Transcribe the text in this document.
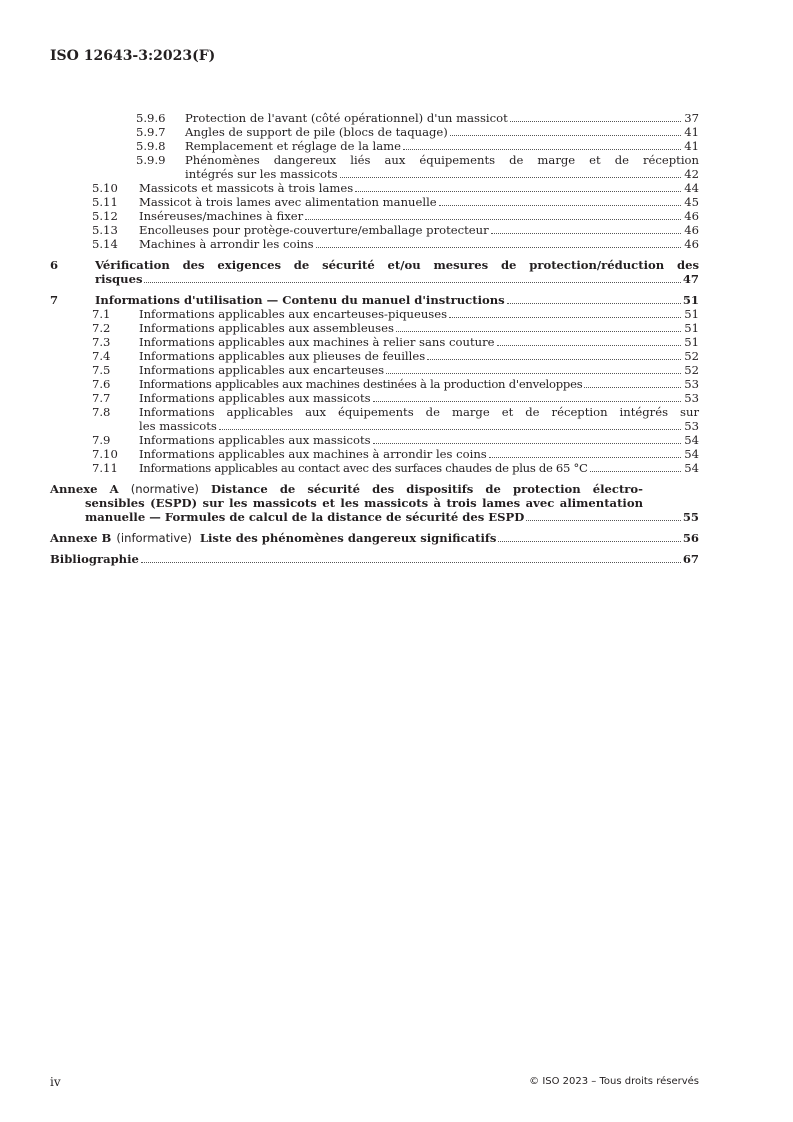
ISO 12643-3:2023(F)
5.9.6	Protection de l'avant (côté opérationnel) d'un massicot	37
5.9.7	Angles de support de pile (blocs de taquage)	41
5.9.8	Remplacement et réglage de la lame	41
5.9.9	Phénomènes dangereux liés aux équipements de marge et de réception
intégrés sur les massicots	42
5.10	Massicots et massicots à trois lames	44
5.11	Massicot à trois lames avec alimentation manuelle	45
5.12	Inséreuses/machines à fixer	46
5.13	Encolleuses pour protège-couverture/emballage protecteur	46
5.14	Machines à arrondir les coins	46
6	Vérification des exigences de sécurité et/ou mesures de protection/réduction des
risques	47
7	Informations d'utilisation — Contenu du manuel d'instructions	51
7.1	Informations applicables aux encarteuses-piqueuses	51
7.2	Informations applicables aux assembleuses	51
7.3	Informations applicables aux machines à relier sans couture	51
7.4	Informations applicables aux plieuses de feuilles	52
7.5	Informations applicables aux encarteuses	52
7.6	Informations applicables aux machines destinées à la production d'enveloppes	53
7.7	Informations applicables aux massicots	53
7.8	Informations applicables aux équipements de marge et de réception intégrés sur
les massicots	53
7.9	Informations applicables aux massicots	54
7.10	Informations applicables aux machines à arrondir les coins	54
7.11	Informations applicables au contact avec des surfaces chaudes de plus de 65 °C	54
Annexe A (normative) Distance de sécurité des dispositifs de protection électro-
sensibles (ESPD) sur les massicots et les massicots à trois lames avec alimentation
manuelle — Formules de calcul de la distance de sécurité des ESPD	55
Annexe B (informative) Liste des phénomènes dangereux significatifs	56
Bibliographie	67
iv	© ISO 2023 – Tous droits réservés
